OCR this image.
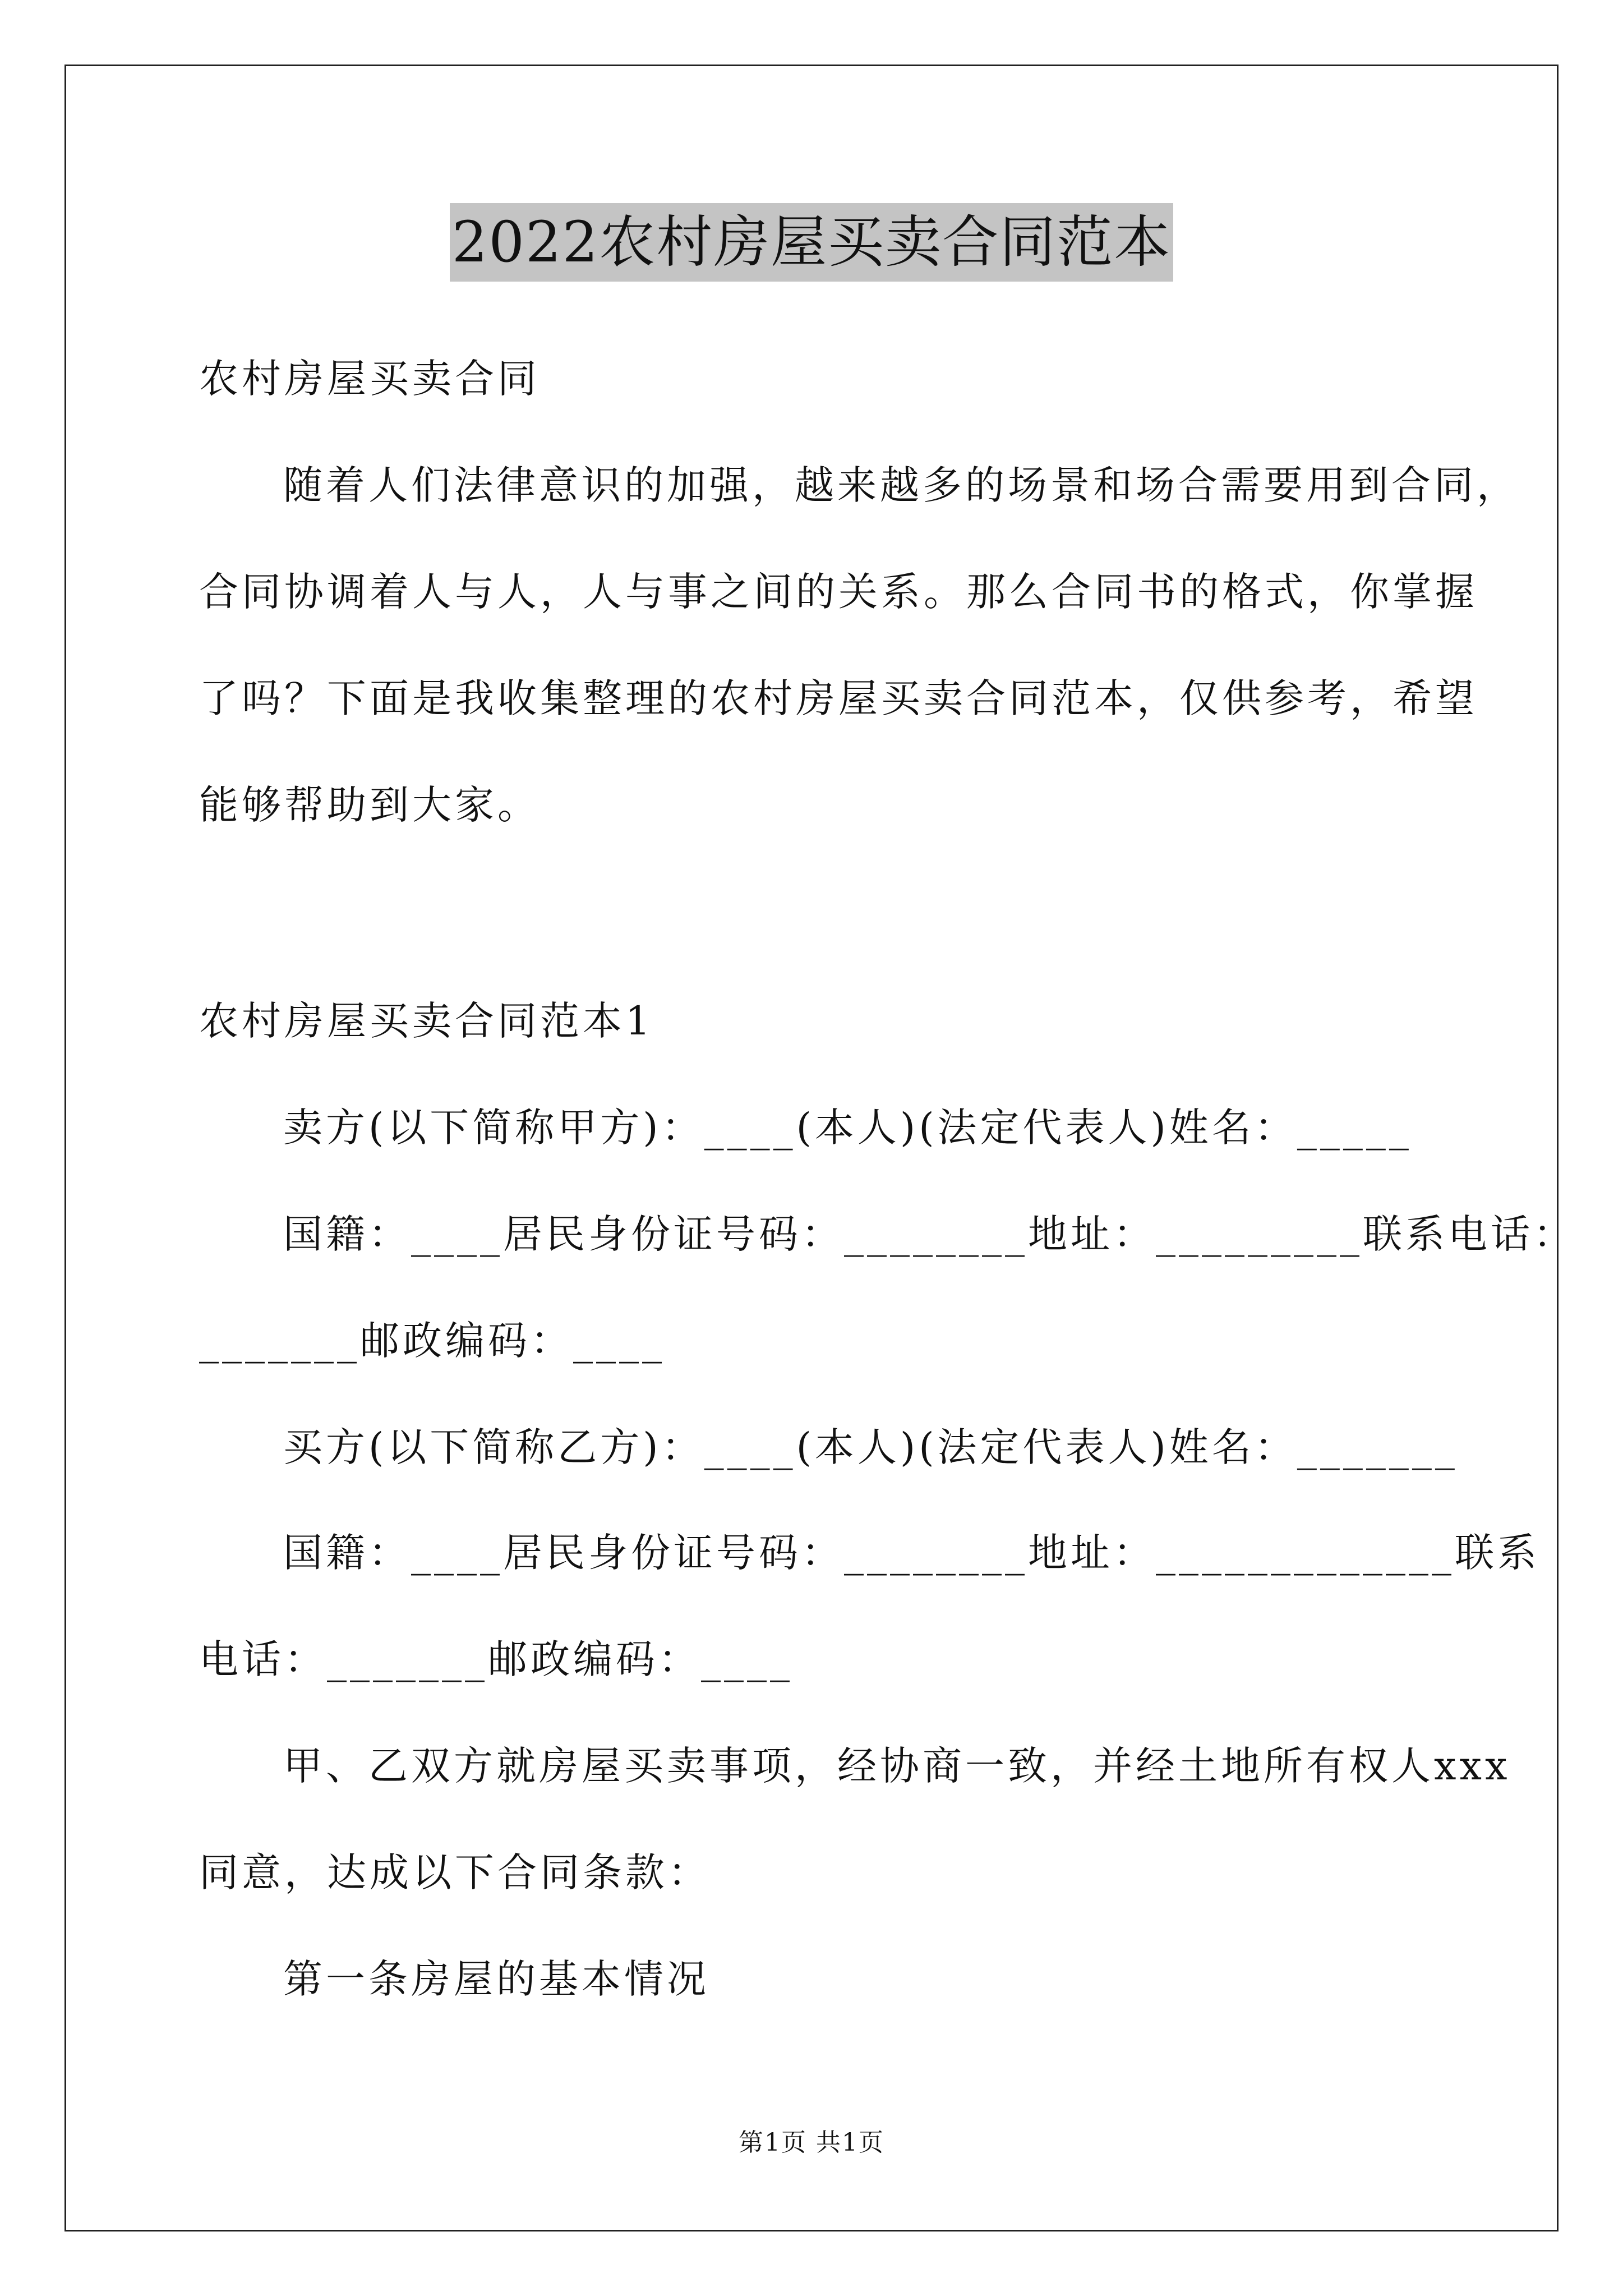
2022农村房屋买卖合同范本
农村房屋买卖合同
随着人们法律意识的加强，越来越多的场景和场合需要用到合同，
合同协调着人与人，人与事之间的关系。那么合同书的格式，你掌握
了吗？下面是我收集整理的农村房屋买卖合同范本，仅供参考，希望
能够帮助到大家。
农村房屋买卖合同范本1
卖方(以下简称甲方)：____(本人)(法定代表人)姓名：_____
国籍：____居民身份证号码：________地址：_________联系电话：
_______邮政编码：____
买方(以下简称乙方)：____(本人)(法定代表人)姓名：_______
国籍：____居民身份证号码：________地址：_____________联系
电话：_______邮政编码：____
甲、乙双方就房屋买卖事项，经协商一致，并经土地所有权人xxx
同意，达成以下合同条款：
第一条房屋的基本情况
第1页 共1页
